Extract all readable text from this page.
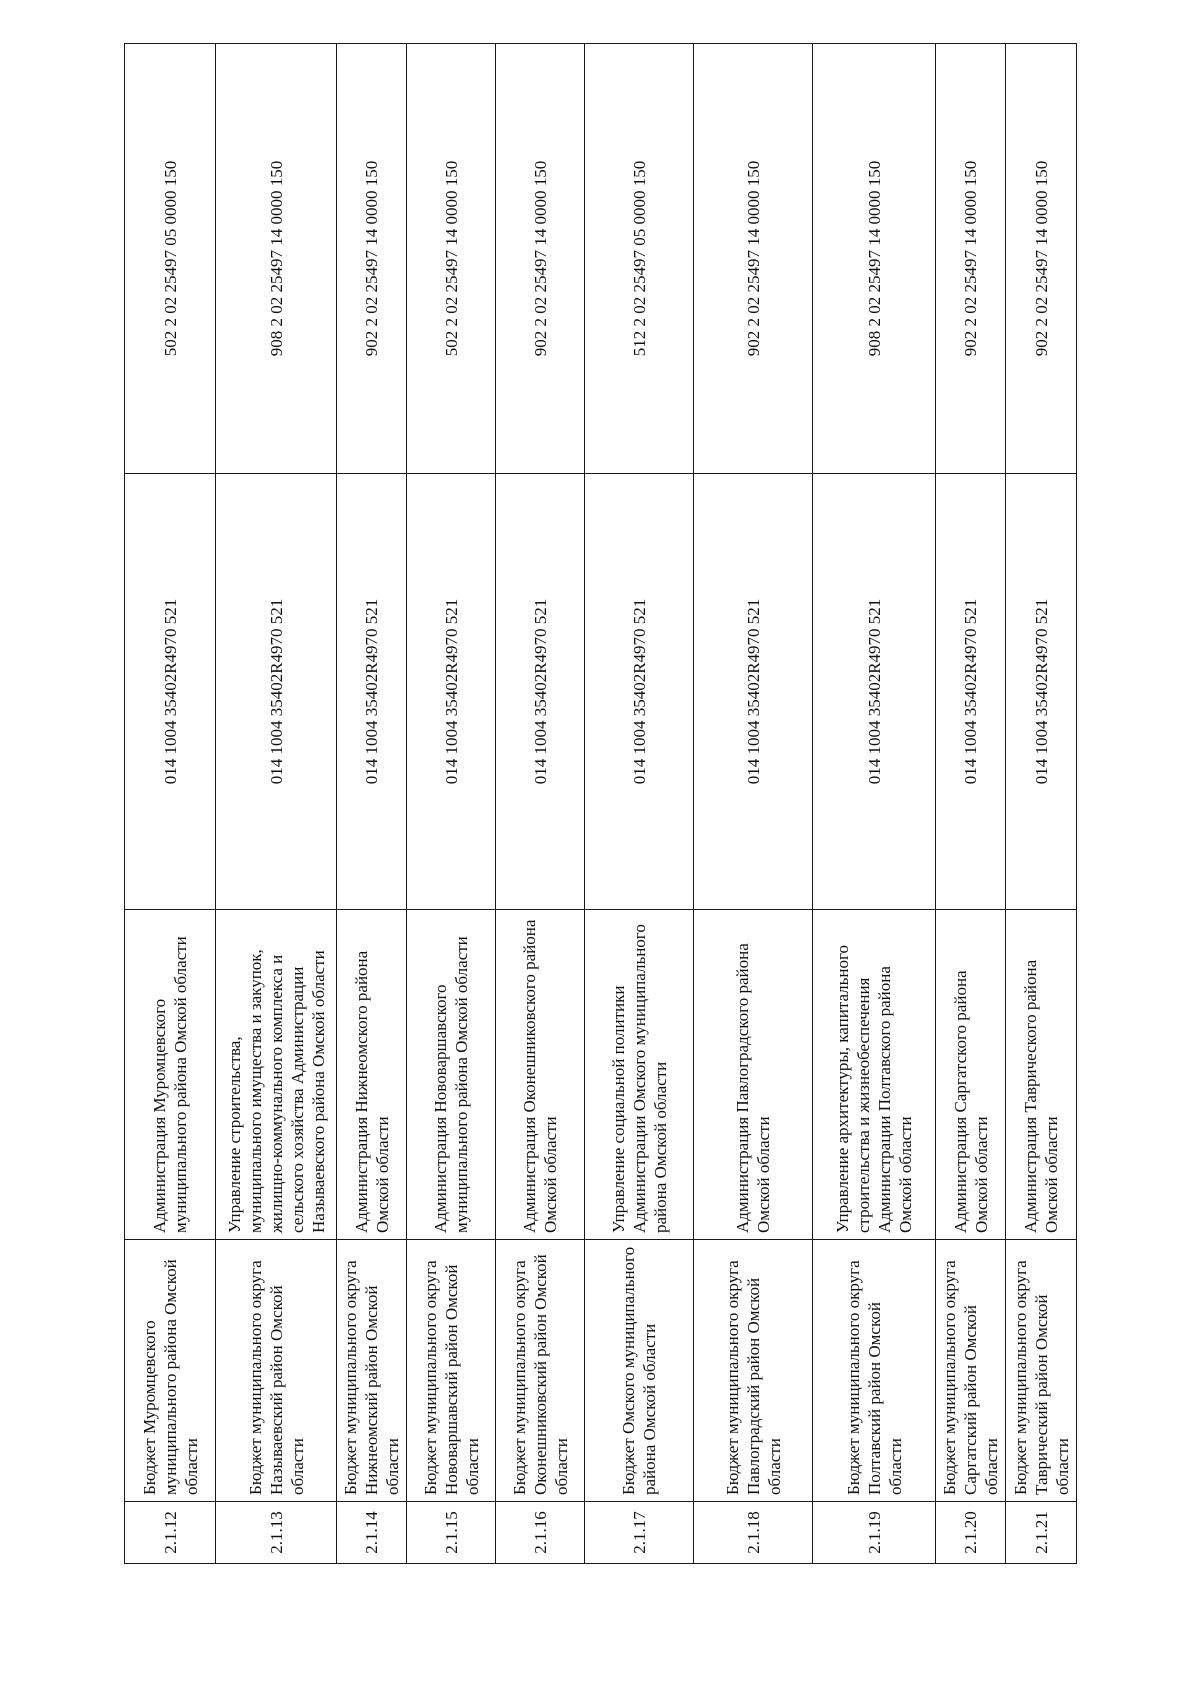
2.1.12	Бюджет Муромцевского муниципального района Омской области	Администрация Муромцевского муниципального района Омской области	014 1004 35402R4970 521	502 2 02 25497 05 0000 150
2.1.13	Бюджет муниципального округа Называевский район Омской области	Управление строительства, муниципального имущества и закупок, жилищно-коммунального комплекса и сельского хозяйства Администрации Называевского района Омской области	014 1004 35402R4970 521	908 2 02 25497 14 0000 150
2.1.14	Бюджет муниципального округа Нижнеомский район Омской области	Администрация Нижнеомского района Омской области	014 1004 35402R4970 521	902 2 02 25497 14 0000 150
2.1.15	Бюджет муниципального округа Нововаршавский район Омской области	Администрация Нововаршавского муниципального района Омской области	014 1004 35402R4970 521	502 2 02 25497 14 0000 150
2.1.16	Бюджет муниципального округа Оконешниковский район Омской области	Администрация Оконешниковского района Омской области	014 1004 35402R4970 521	902 2 02 25497 14 0000 150
2.1.17	Бюджет Омского муниципального района Омской области	Управление социальной политики Администрации Омского муниципального района Омской области	014 1004 35402R4970 521	512 2 02 25497 05 0000 150
2.1.18	Бюджет муниципального округа Павлоградский район Омской области	Администрация Павлоградского района Омской области	014 1004 35402R4970 521	902 2 02 25497 14 0000 150
2.1.19	Бюджет муниципального округа Полтавский район Омской области	Управление архитектуры, капитального строительства и жизнеобеспечения Администрации Полтавского района Омской области	014 1004 35402R4970 521	908 2 02 25497 14 0000 150
2.1.20	Бюджет муниципального округа Саргатский район Омской области	Администрация Саргатского района Омской области	014 1004 35402R4970 521	902 2 02 25497 14 0000 150
2.1.21	Бюджет муниципального округа Таврический район Омской области	Администрация Таврического района Омской области	014 1004 35402R4970 521	902 2 02 25497 14 0000 150
